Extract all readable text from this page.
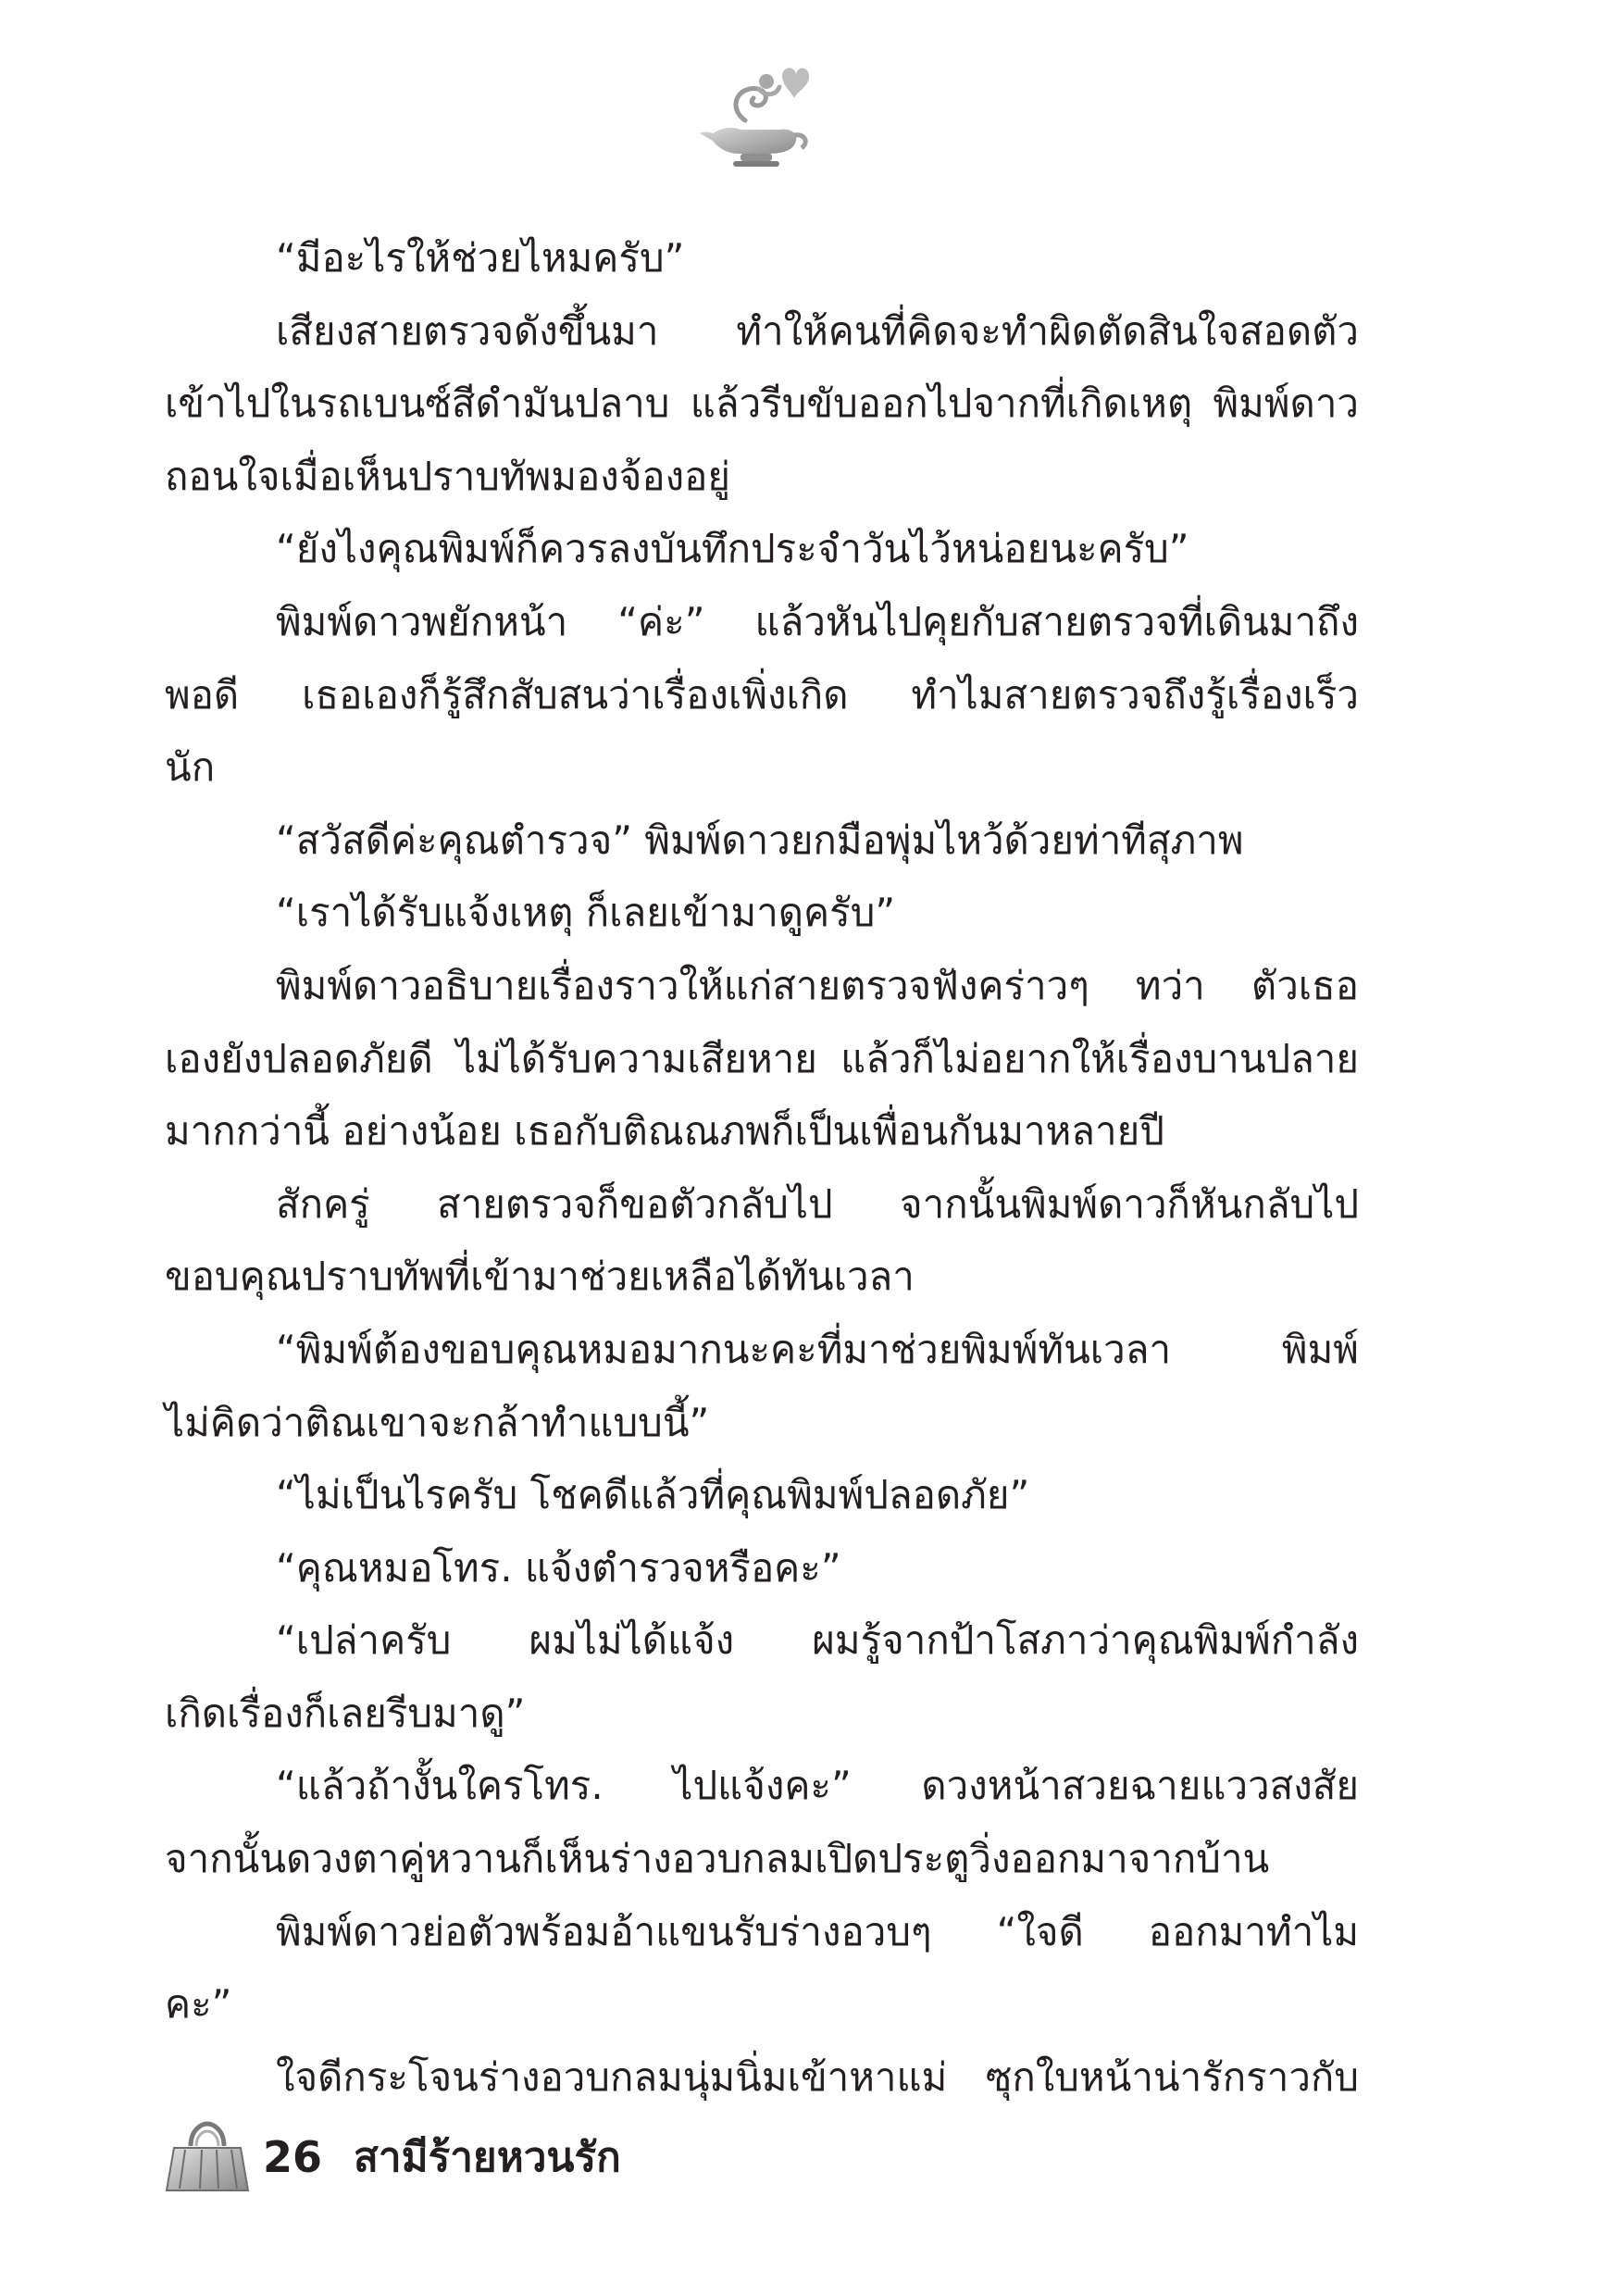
“มีอะไรให้ช่วยไหมครับ”
เสียงสายตรวจดังขึ้นมา ทำให้คนที่คิดจะทำผิดตัดสินใจสอดตัว
เข้าไปในรถเบนซ์สีดำมันปลาบ แล้วรีบขับออกไปจากที่เกิดเหตุ พิมพ์ดาว
ถอนใจเมื่อเห็นปราบทัพมองจ้องอยู่
“ยังไงคุณพิมพ์ก็ควรลงบันทึกประจำวันไว้หน่อยนะครับ”
พิมพ์ดาวพยักหน้า “ค่ะ” แล้วหันไปคุยกับสายตรวจที่เดินมาถึง
พอดี เธอเองก็รู้สึกสับสนว่าเรื่องเพิ่งเกิด ทำไมสายตรวจถึงรู้เรื่องเร็ว
นัก
“สวัสดีค่ะคุณตำรวจ” พิมพ์ดาวยกมือพุ่มไหว้ด้วยท่าทีสุภาพ
“เราได้รับแจ้งเหตุ ก็เลยเข้ามาดูครับ”
พิมพ์ดาวอธิบายเรื่องราวให้แก่สายตรวจฟังคร่าวๆ ทว่า ตัวเธอ
เองยังปลอดภัยดี ไม่ได้รับความเสียหาย แล้วก็ไม่อยากให้เรื่องบานปลาย
มากกว่านี้ อย่างน้อย เธอกับติณณภพก็เป็นเพื่อนกันมาหลายปี
สักครู่ สายตรวจก็ขอตัวกลับไป จากนั้นพิมพ์ดาวก็หันกลับไป
ขอบคุณปราบทัพที่เข้ามาช่วยเหลือได้ทันเวลา
“พิมพ์ต้องขอบคุณหมอมากนะคะที่มาช่วยพิมพ์ทันเวลา พิมพ์
ไม่คิดว่าติณเขาจะกล้าทำแบบนี้”
“ไม่เป็นไรครับ โชคดีแล้วที่คุณพิมพ์ปลอดภัย”
“คุณหมอโทร. แจ้งตำรวจหรือคะ”
“เปล่าครับ ผมไม่ได้แจ้ง ผมรู้จากป้าโสภาว่าคุณพิมพ์กำลัง
เกิดเรื่องก็เลยรีบมาดู”
“แล้วถ้างั้นใครโทร. ไปแจ้งคะ” ดวงหน้าสวยฉายแววสงสัย
จากนั้นดวงตาคู่หวานก็เห็นร่างอวบกลมเปิดประตูวิ่งออกมาจากบ้าน
พิมพ์ดาวย่อตัวพร้อมอ้าแขนรับร่างอวบๆ “ใจดี ออกมาทำไม
คะ”
ใจดีกระโจนร่างอวบกลมนุ่มนิ่มเข้าหาแม่ ซุกใบหน้าน่ารักราวกับ
26 สามีร้ายหวนรัก
